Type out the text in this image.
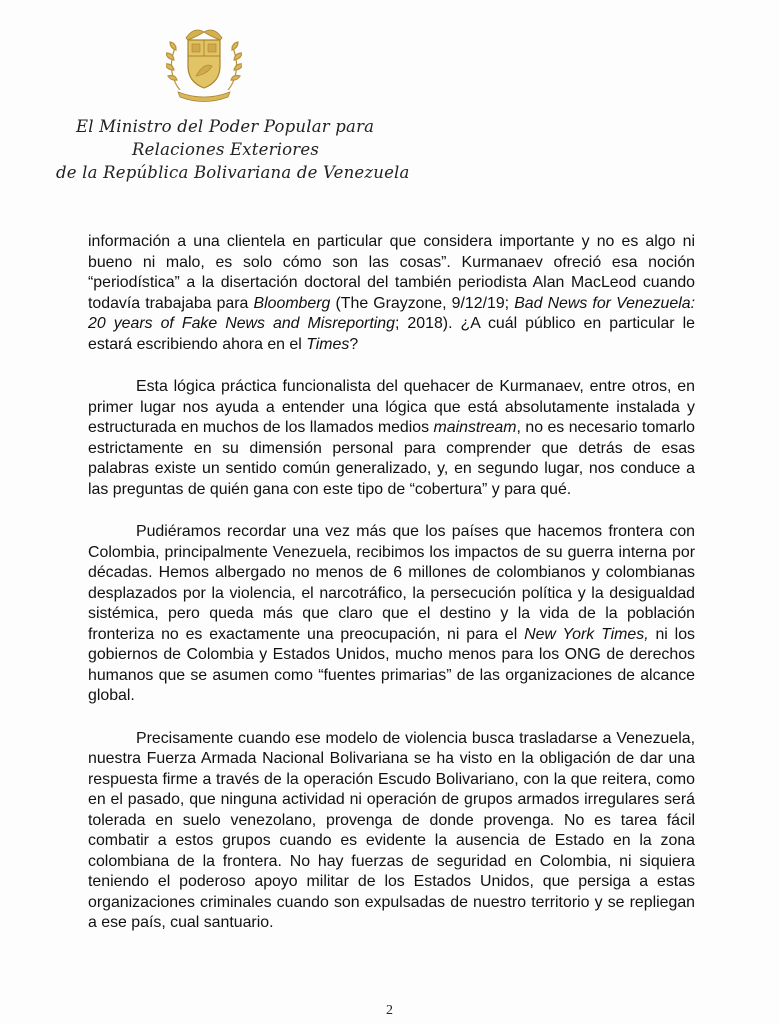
El Ministro del Poder Popular para
Relaciones Exteriores
de la República Bolivariana de Venezuela

información a una clientela en particular que considera importante y no es algo ni bueno ni malo, es solo cómo son las cosas”. Kurmanaev ofreció esa noción “periodística” a la disertación doctoral del también periodista Alan MacLeod cuando todavía trabajaba para Bloomberg (The Grayzone, 9/12/19; Bad News for Venezuela: 20 years of Fake News and Misreporting; 2018). ¿A cuál público en particular le estará escribiendo ahora en el Times?

Esta lógica práctica funcionalista del quehacer de Kurmanaev, entre otros, en primer lugar nos ayuda a entender una lógica que está absolutamente instalada y estructurada en muchos de los llamados medios mainstream, no es necesario tomarlo estrictamente en su dimensión personal para comprender que detrás de esas palabras existe un sentido común generalizado, y, en segundo lugar, nos conduce a las preguntas de quién gana con este tipo de “cobertura” y para qué.

Pudiéramos recordar una vez más que los países que hacemos frontera con Colombia, principalmente Venezuela, recibimos los impactos de su guerra interna por décadas. Hemos albergado no menos de 6 millones de colombianos y colombianas desplazados por la violencia, el narcotráfico, la persecución política y la desigualdad sistémica, pero queda más que claro que el destino y la vida de la población fronteriza no es exactamente una preocupación, ni para el New York Times, ni los gobiernos de Colombia y Estados Unidos, mucho menos para los ONG de derechos humanos que se asumen como “fuentes primarias” de las organizaciones de alcance global.

Precisamente cuando ese modelo de violencia busca trasladarse a Venezuela, nuestra Fuerza Armada Nacional Bolivariana se ha visto en la obligación de dar una respuesta firme a través de la operación Escudo Bolivariano, con la que reitera, como en el pasado, que ninguna actividad ni operación de grupos armados irregulares será tolerada en suelo venezolano, provenga de donde provenga. No es tarea fácil combatir a estos grupos cuando es evidente la ausencia de Estado en la zona colombiana de la frontera. No hay fuerzas de seguridad en Colombia, ni siquiera teniendo el poderoso apoyo militar de los Estados Unidos, que persiga a estas organizaciones criminales cuando son expulsadas de nuestro territorio y se repliegan a ese país, cual santuario.

2
